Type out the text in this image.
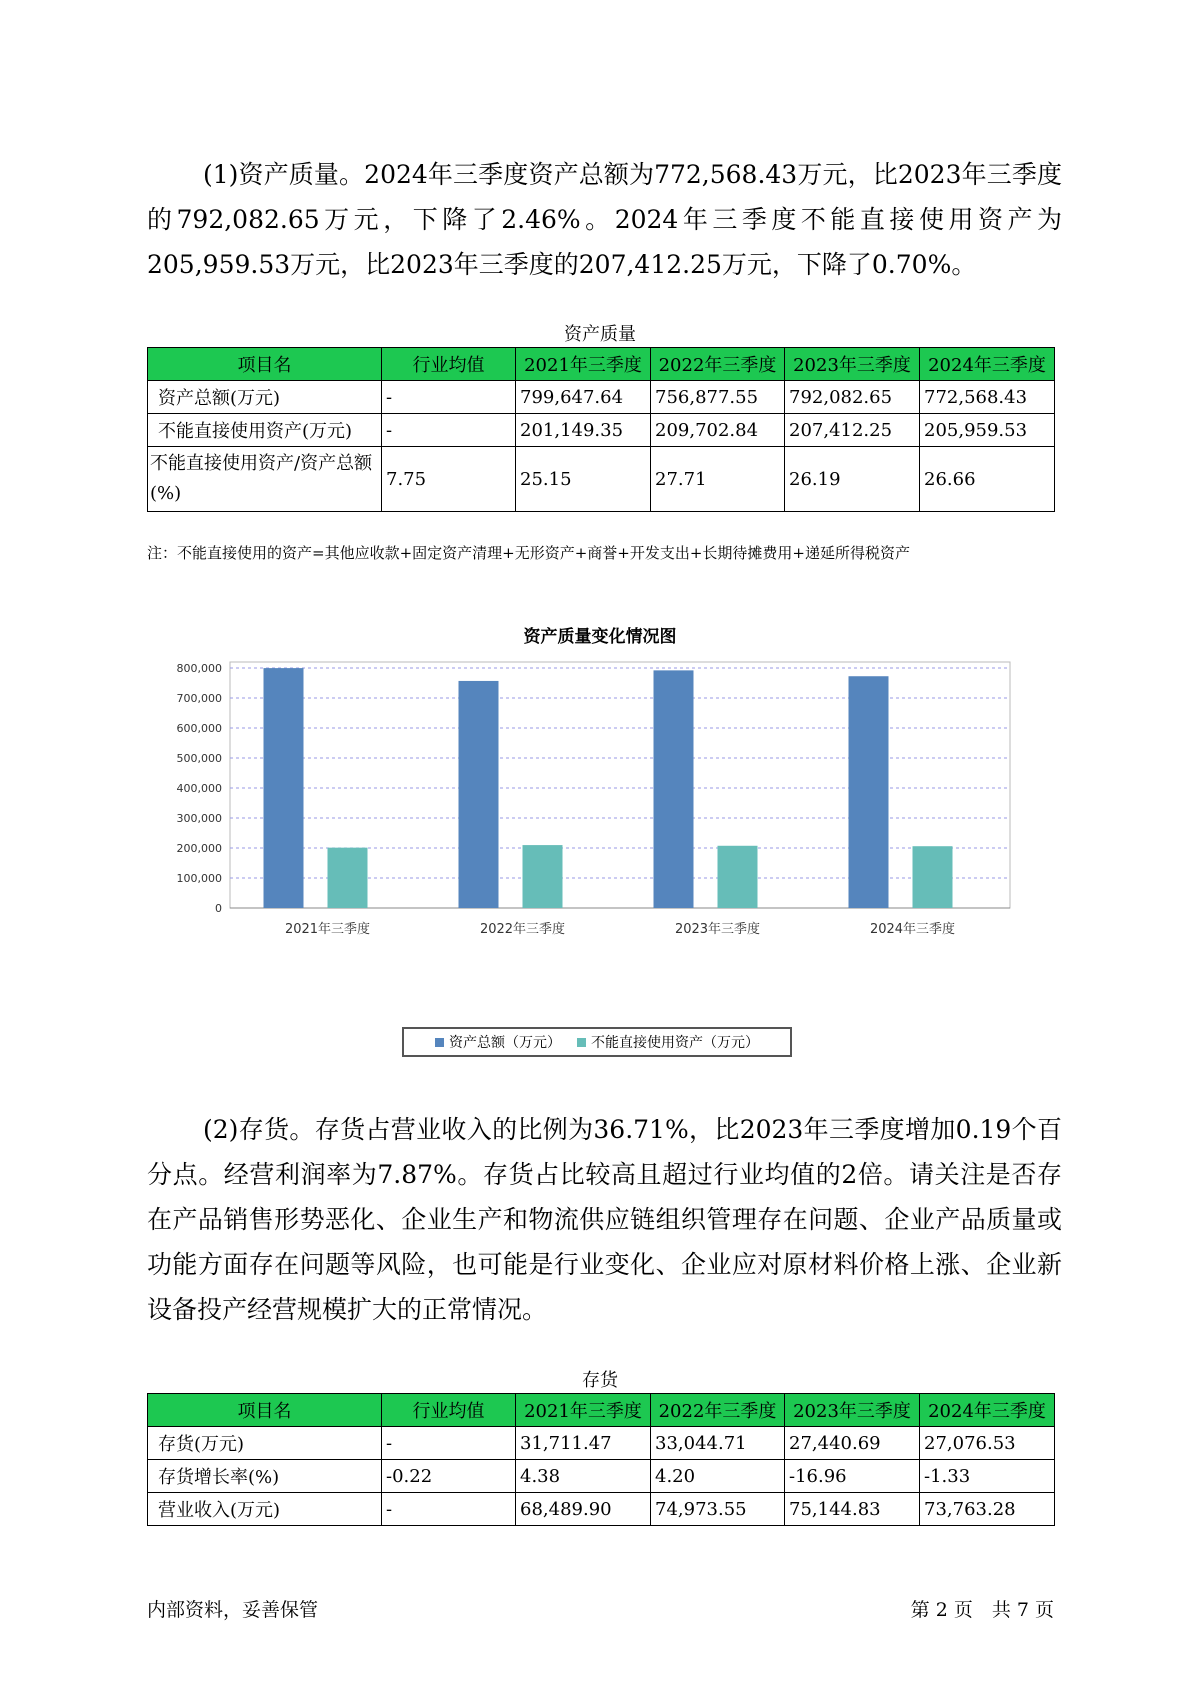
(1)资产质量。2024年三季度资产总额为772,568.43万元，比2023年三季度的792,082.65万元，下降了2.46%。2024年三季度不能直接使用资产为205,959.53万元，比2023年三季度的207,412.25万元，下降了0.70%。

资产质量
项目名	行业均值	2021年三季度	2022年三季度	2023年三季度	2024年三季度
资产总额(万元)	-	799,647.64	756,877.55	792,082.65	772,568.43
不能直接使用资产(万元)	-	201,149.35	209,702.84	207,412.25	205,959.53
不能直接使用资产/资产总额(%)	7.75	25.15	27.71	26.19	26.66
注：不能直接使用的资产=其他应收款+固定资产清理+无形资产+商誉+开发支出+长期待摊费用+递延所得税资产
资产质量变化情况图
0
100,000
200,000
300,000
400,000
500,000
600,000
700,000
800,000
2021年三季度	2022年三季度	2023年三季度	2024年三季度
资产总额（万元） 不能直接使用资产（万元）

(2)存货。存货占营业收入的比例为36.71%，比2023年三季度增加0.19个百分点。经营利润率为7.87%。存货占比较高且超过行业均值的2倍。请关注是否存在产品销售形势恶化、企业生产和物流供应链组织管理存在问题、企业产品质量或功能方面存在问题等风险，也可能是行业变化、企业应对原材料价格上涨、企业新设备投产经营规模扩大的正常情况。

存货
项目名	行业均值	2021年三季度	2022年三季度	2023年三季度	2024年三季度
存货(万元)	-	31,711.47	33,044.71	27,440.69	27,076.53
存货增长率(%)	-0.22	4.38	4.20	-16.96	-1.33
营业收入(万元)	-	68,489.90	74,973.55	75,144.83	73,763.28
内部资料，妥善保管	第 2 页　共 7 页
